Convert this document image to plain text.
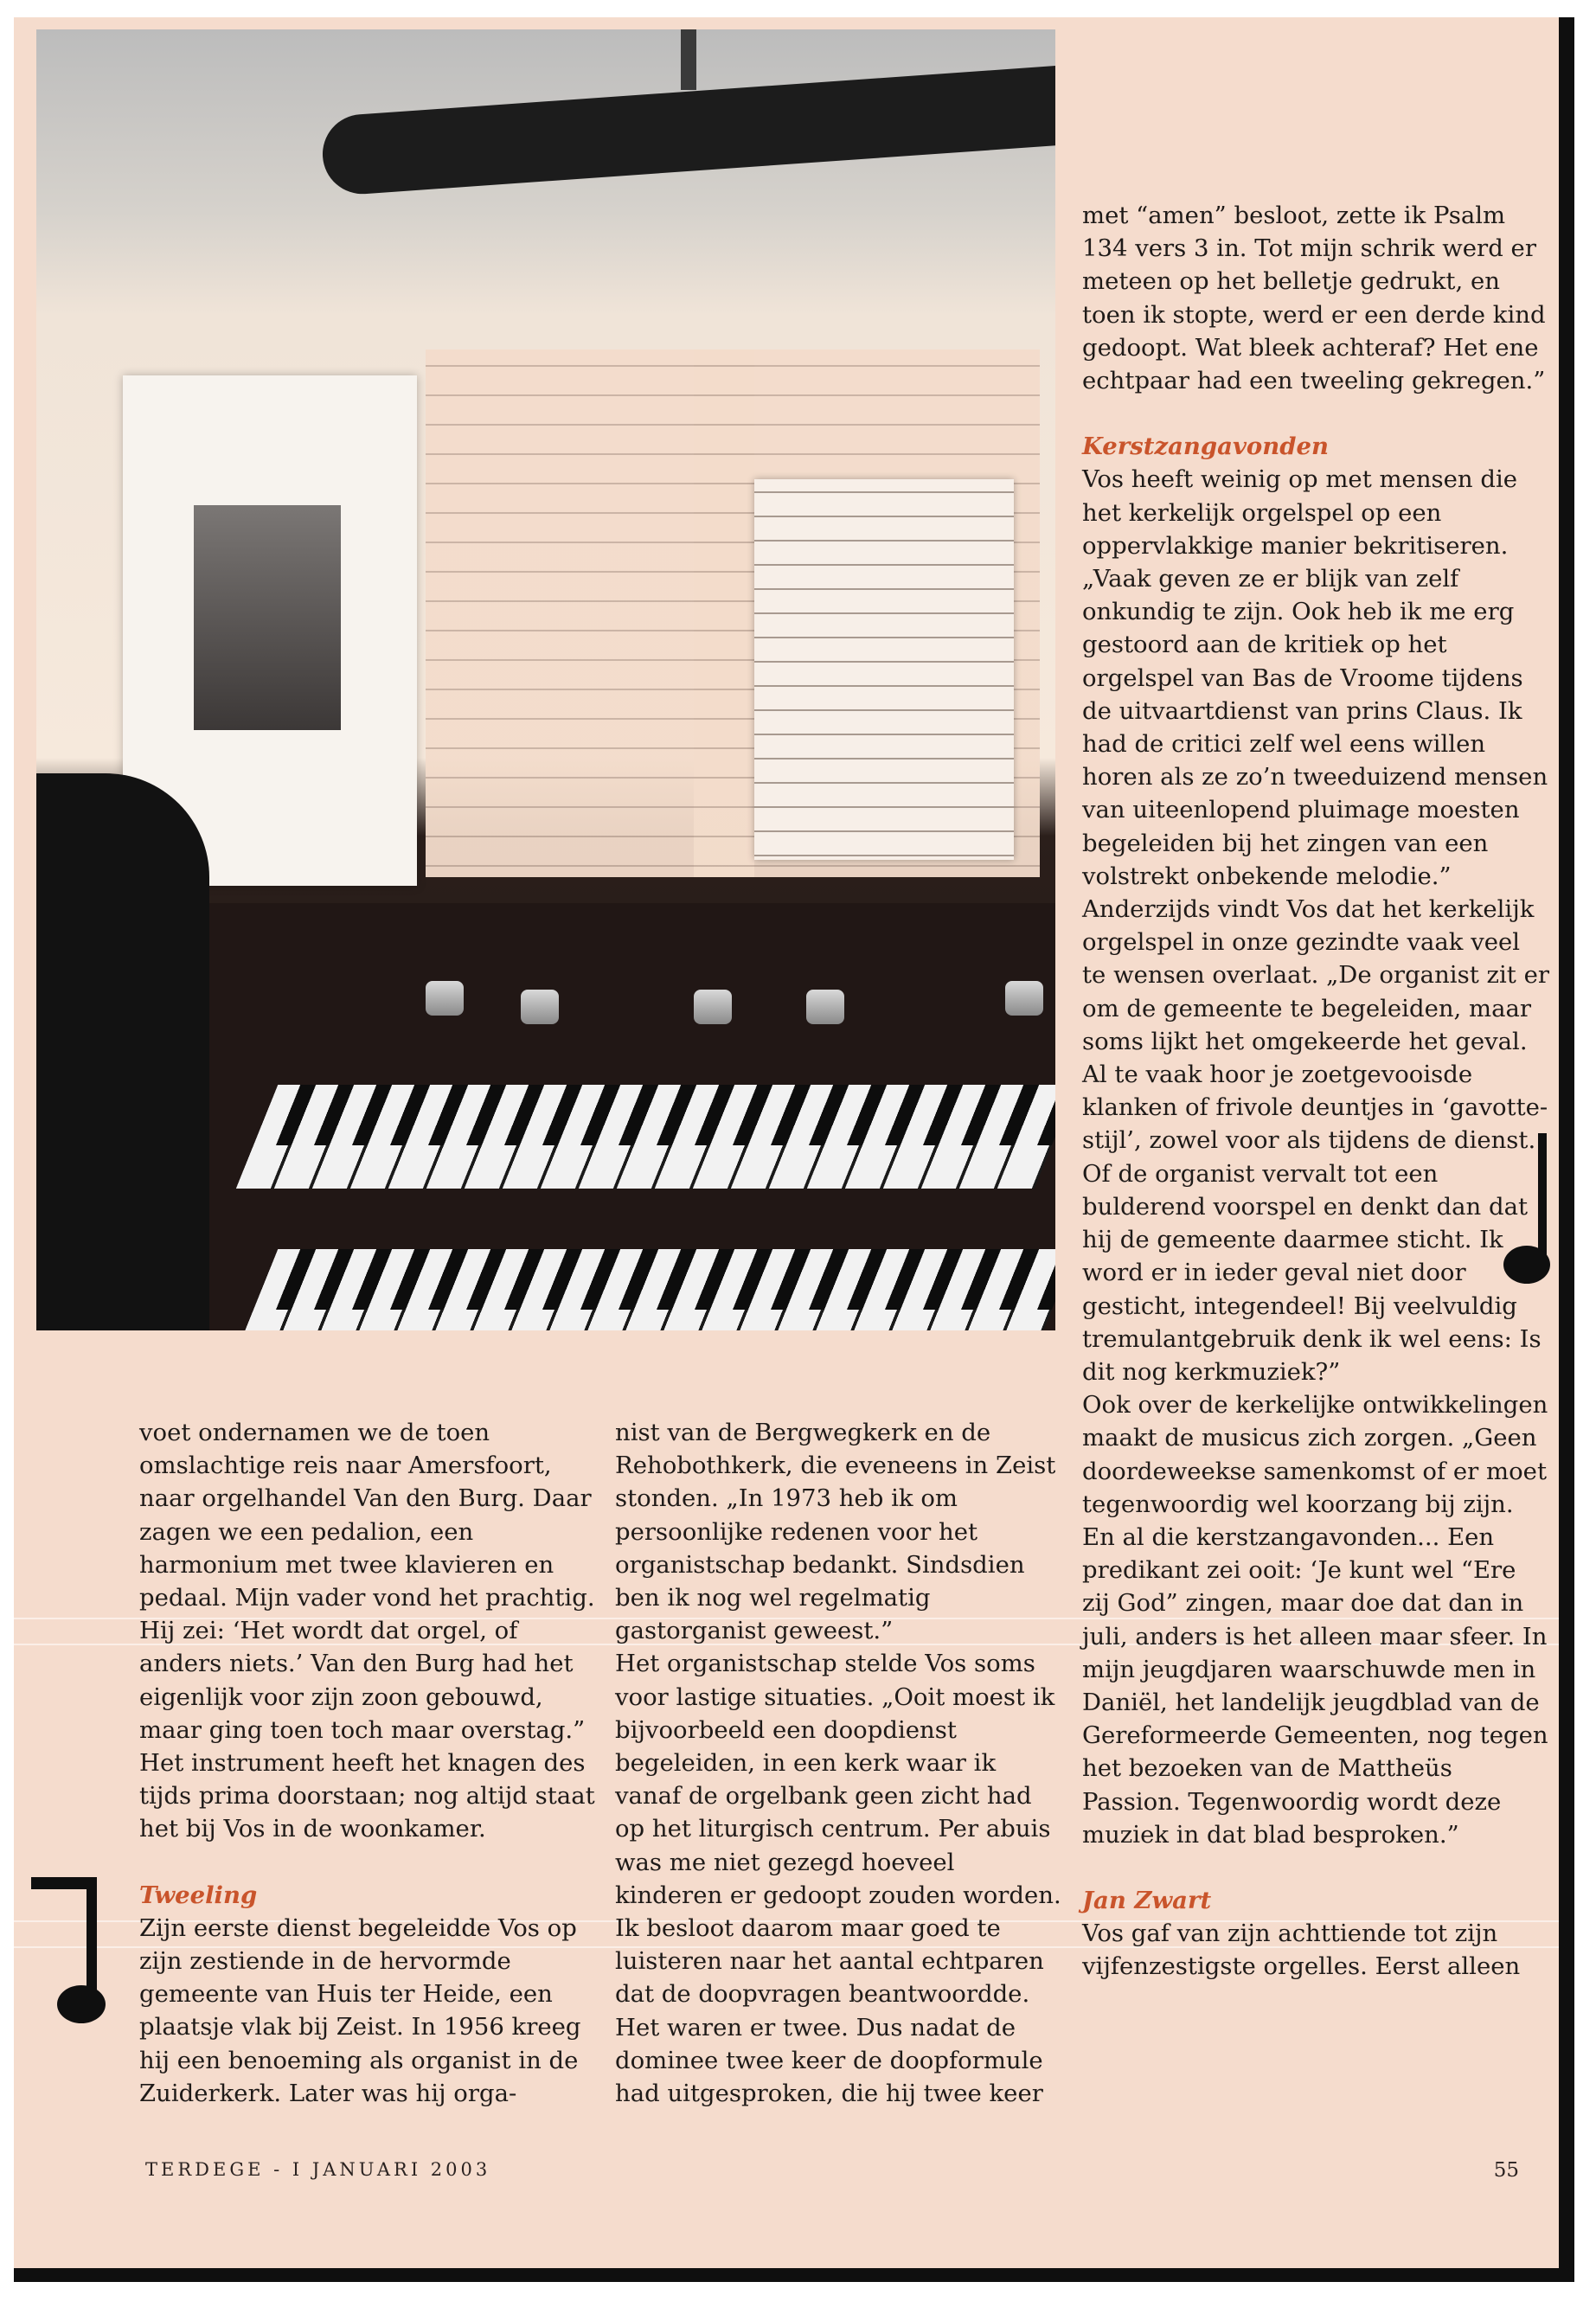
voet ondernamen we de toen omslachtige reis naar Amersfoort, naar orgelhandel Van den Burg. Daar zagen we een pedalion, een harmonium met twee klavieren en pedaal. Mijn vader vond het prachtig. Hij zei: ‘Het wordt dat orgel, of anders niets.’ Van den Burg had het eigenlijk voor zijn zoon gebouwd, maar ging toen toch maar overstag.”

Het instrument heeft het knagen des tijds prima doorstaan; nog altijd staat het bij Vos in de woonkamer.

Tweeling

Zijn eerste dienst begeleidde Vos op zijn zestiende in de hervormde gemeente van Huis ter Heide, een plaatsje vlak bij Zeist. In 1956 kreeg hij een benoeming als organist in de Zuiderkerk. Later was hij orga-

nist van de Bergwegkerk en de Rehobothkerk, die eveneens in Zeist stonden. „In 1973 heb ik om persoonlijke redenen voor het organistschap bedankt. Sindsdien ben ik nog wel regelmatig gastorganist geweest.”

Het organistschap stelde Vos soms voor lastige situaties. „Ooit moest ik bijvoorbeeld een doopdienst begeleiden, in een kerk waar ik vanaf de orgelbank geen zicht had op het liturgisch centrum. Per abuis was me niet gezegd hoeveel kinderen er gedoopt zouden worden. Ik besloot daarom maar goed te luisteren naar het aantal echtparen dat de doopvragen beantwoordde. Het waren er twee. Dus nadat de dominee twee keer de doopformule had uitgesproken, die hij twee keer

met “amen” besloot, zette ik Psalm 134 vers 3 in. Tot mijn schrik werd er meteen op het belletje gedrukt, en toen ik stopte, werd er een derde kind gedoopt. Wat bleek achteraf? Het ene echtpaar had een tweeling gekregen.”

Kerstzangavonden

Vos heeft weinig op met mensen die het kerkelijk orgelspel op een oppervlakkige manier bekritiseren. „Vaak geven ze er blijk van zelf onkundig te zijn. Ook heb ik me erg gestoord aan de kritiek op het orgelspel van Bas de Vroome tijdens de uitvaartdienst van prins Claus. Ik had de critici zelf wel eens willen horen als ze zo’n tweeduizend mensen van uiteenlopend pluimage moesten begeleiden bij het zingen van een volstrekt onbekende melodie.”

Anderzijds vindt Vos dat het kerkelijk orgelspel in onze gezindte vaak veel te wensen overlaat. „De organist zit er om de gemeente te begeleiden, maar soms lijkt het omgekeerde het geval. Al te vaak hoor je zoetgevooisde klanken of frivole deuntjes in ‘gavotte-stijl’, zowel voor als tijdens de dienst. Of de organist vervalt tot een bulderend voorspel en denkt dan dat hij de gemeente daarmee sticht. Ik word er in ieder geval niet door gesticht, integendeel! Bij veelvuldig tremulantgebruik denk ik wel eens: Is dit nog kerkmuziek?”

Ook over de kerkelijke ontwikkelingen maakt de musicus zich zorgen. „Geen doordeweekse samenkomst of er moet tegenwoordig wel koorzang bij zijn. En al die kerstzangavonden... Een predikant zei ooit: ‘Je kunt wel “Ere zij God” zingen, maar doe dat dan in juli, anders is het alleen maar sfeer. In mijn jeugdjaren waarschuwde men in Daniël, het landelijk jeugdblad van de Gereformeerde Gemeenten, nog tegen het bezoeken van de Mattheüs Passion. Tegenwoordig wordt deze muziek in dat blad besproken.”

Jan Zwart

Vos gaf van zijn achttiende tot zijn vijfenzestigste orgelles. Eerst alleen

TERDEGE - I JANUARI 2003	55
